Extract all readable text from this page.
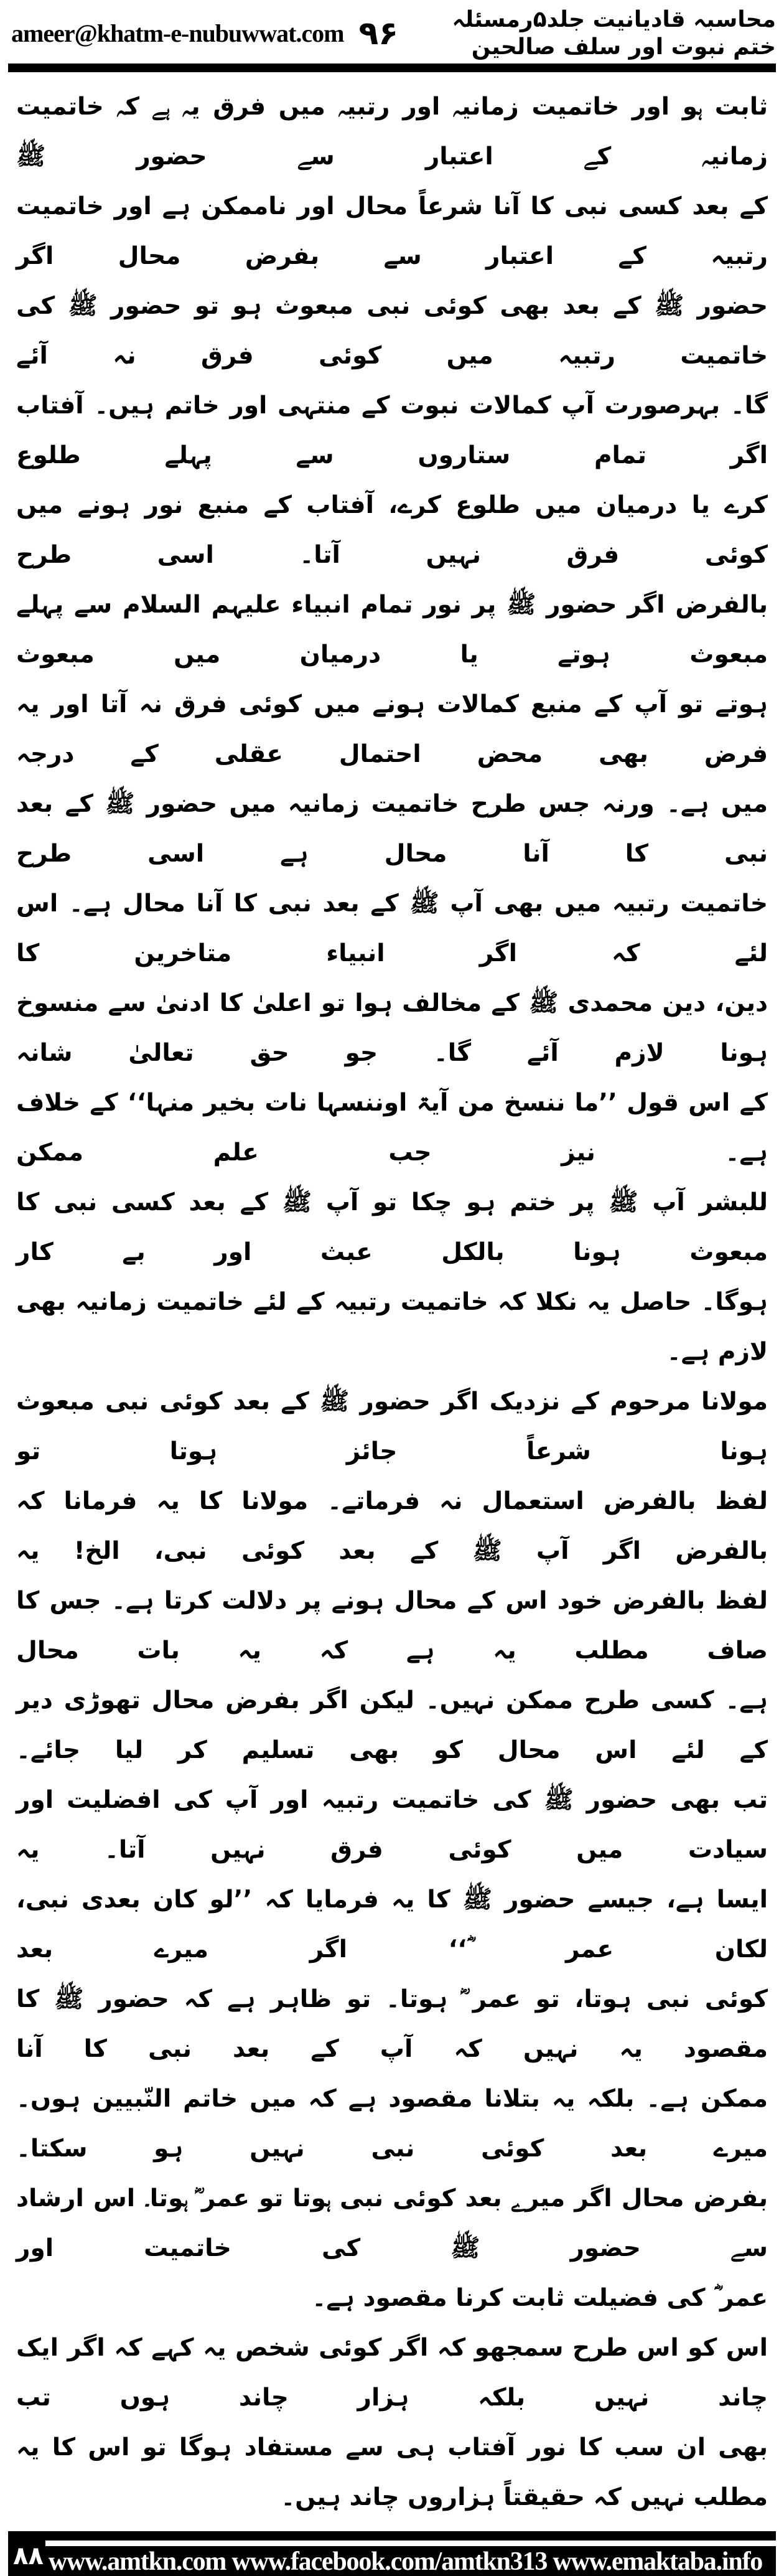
ameer@khatm-e-nubuwwat.com ۹۶	محاسبہ قادیانیت جلد۵رمسئلہ ختم نبوت اور سلف صالحین
ثابت ہو اور خاتمیت زمانیہ اور رتبیہ میں فرق یہ ہے کہ خاتمیت زمانیہ کے اعتبار سے حضور ﷺ
کے بعد کسی نبی کا آنا شرعاً محال اور ناممکن ہے اور خاتمیت رتبیہ کے اعتبار سے بفرض محال اگر
حضور ﷺ کے بعد بھی کوئی نبی مبعوث ہو تو حضور ﷺ کی خاتمیت رتبیہ میں کوئی فرق نہ آئے
گا۔ بہرصورت آپ کمالات نبوت کے منتہی اور خاتم ہیں۔ آفتاب اگر تمام ستاروں سے پہلے طلوع
کرے یا درمیان میں طلوع کرے، آفتاب کے منبع نور ہونے میں کوئی فرق نہیں آتا۔ اسی طرح
بالفرض اگر حضور ﷺ پر نور تمام انبیاء علیہم السلام سے پہلے مبعوث ہوتے یا درمیان میں مبعوث
ہوتے تو آپ کے منبع کمالات ہونے میں کوئی فرق نہ آتا اور یہ فرض بھی محض احتمال عقلی کے درجہ
میں ہے۔ ورنہ جس طرح خاتمیت زمانیہ میں حضور ﷺ کے بعد نبی کا آنا محال ہے اسی طرح
خاتمیت رتبیہ میں بھی آپ ﷺ کے بعد نبی کا آنا محال ہے۔ اس لئے کہ اگر انبیاء متاخرین کا
دین، دین محمدی ﷺ کے مخالف ہوا تو اعلیٰ کا ادنیٰ سے منسوخ ہونا لازم آئے گا۔ جو حق تعالیٰ شانہ
کے اس قول ’’ما ننسخ من آیۃ اوننسہا نات بخیر منہا‘‘ کے خلاف ہے۔ نیز جب علم ممکن
للبشر آپ ﷺ پر ختم ہو چکا تو آپ ﷺ کے بعد کسی نبی کا مبعوث ہونا بالکل عبث اور بے کار
ہوگا۔ حاصل یہ نکلا کہ خاتمیت رتبیہ کے لئے خاتمیت زمانیہ بھی لازم ہے۔
مولانا مرحوم کے نزدیک اگر حضور ﷺ کے بعد کوئی نبی مبعوث ہونا شرعاً جائز ہوتا تو
لفظ بالفرض استعمال نہ فرماتے۔ مولانا کا یہ فرمانا کہ بالفرض اگر آپ ﷺ کے بعد کوئی نبی، الخ! یہ
لفظ بالفرض خود اس کے محال ہونے پر دلالت کرتا ہے۔ جس کا صاف مطلب یہ ہے کہ یہ بات محال
ہے۔ کسی طرح ممکن نہیں۔ لیکن اگر بفرض محال تھوڑی دیر کے لئے اس محال کو بھی تسلیم کر لیا جائے۔
تب بھی حضور ﷺ کی خاتمیت رتبیہ اور آپ کی افضلیت اور سیادت میں کوئی فرق نہیں آتا۔ یہ
ایسا ہے، جیسے حضور ﷺ کا یہ فرمایا کہ ’’لو کان بعدی نبی، لکان عمر ؓ‘‘ اگر میرے بعد
کوئی نبی ہوتا، تو عمر ؓ ہوتا۔ تو ظاہر ہے کہ حضور ﷺ کا مقصود یہ نہیں کہ آپ کے بعد نبی کا آنا
ممکن ہے۔ بلکہ یہ بتلانا مقصود ہے کہ میں خاتم النّبیین ہوں۔ میرے بعد کوئی نبی نہیں ہو سکتا۔
بفرض محال اگر میرے بعد کوئی نبی ہوتا تو عمر ؓ ہوتا۔ اس ارشاد سے حضور ﷺ کی خاتمیت اور
عمر ؓ کی فضیلت ثابت کرنا مقصود ہے۔
اس کو اس طرح سمجھو کہ اگر کوئی شخص یہ کہے کہ اگر ایک چاند نہیں بلکہ ہزار چاند ہوں تب
بھی ان سب کا نور آفتاب ہی سے مستفاد ہوگا تو اس کا یہ مطلب نہیں کہ حقیقتاً ہزاروں چاند ہیں۔
۸۸ www.amtkn.com www.facebook.com/amtkn313 www.emaktaba.info
